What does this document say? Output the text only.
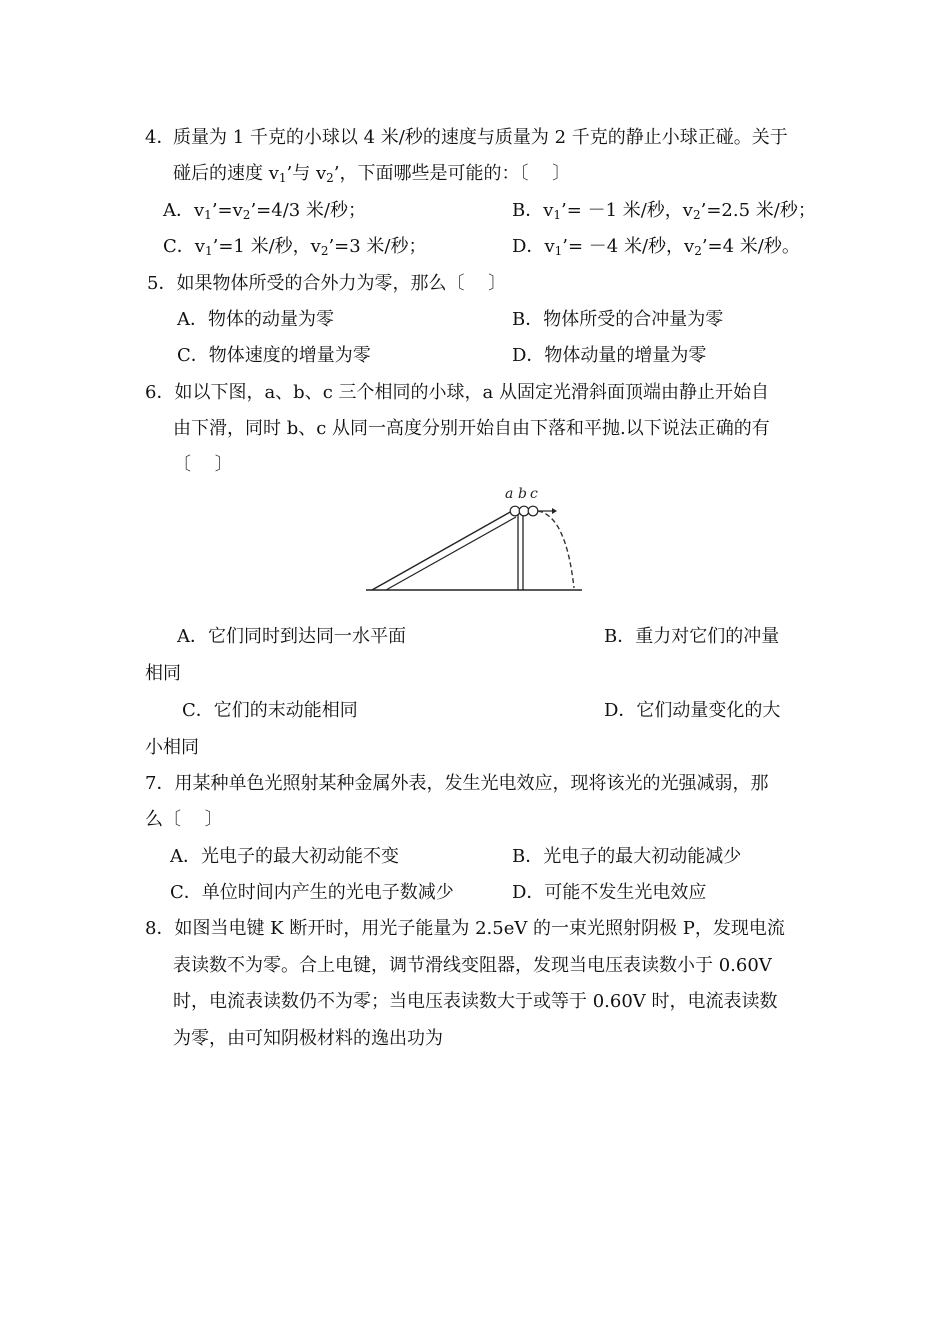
4．
质量为 1 千克的小球以 4 米/秒的速度与质量为 2 千克的静止小球正碰。关于
碰后的速度 $v_1$’与 $v_2$’，下面哪些是可能的：〔　 〕
A．$v_1’=v_2’=4/3$ 米/秒；	B．$v_1’= -1$ 米/秒，$v_2’=2.5$ 米/秒；
C．$v_1’=1$ 米/秒，$v_2’=3$ 米/秒；	D．$v_1’= -4$ 米/秒，$v_2’=4$ 米/秒。
5．如果物体所受的合外力为零，那么〔　 〕
A．物体的动量为零	B．物体所受的合冲量为零
C．物体速度的增量为零	D．物体动量的增量为零
6．如以下图，a、b、c 三个相同的小球，a 从固定光滑斜面顶端由静止开始自
由下滑，同时 b、c 从同一高度分别开始自由下落和平抛.以下说法正确的有
〔　 〕
a b c
A．它们同时到达同一水平面	B．重力对它们的冲量
相同
C．它们的末动能相同	D．它们动量变化的大
小相同
7．用某种单色光照射某种金属外表，发生光电效应，现将该光的光强减弱，那
么〔　 〕
A．光电子的最大初动能不变	B．光电子的最大初动能减少
C．单位时间内产生的光电子数减少	D．可能不发生光电效应
8．如图当电键 K 断开时，用光子能量为 2.5eV 的一束光照射阴极 P，发现电流
表读数不为零。合上电键，调节滑线变阻器，发现当电压表读数小于 0.60V
时，电流表读数仍不为零；当电压表读数大于或等于 0.60V 时，电流表读数
为零，由可知阴极材料的逸出功为
